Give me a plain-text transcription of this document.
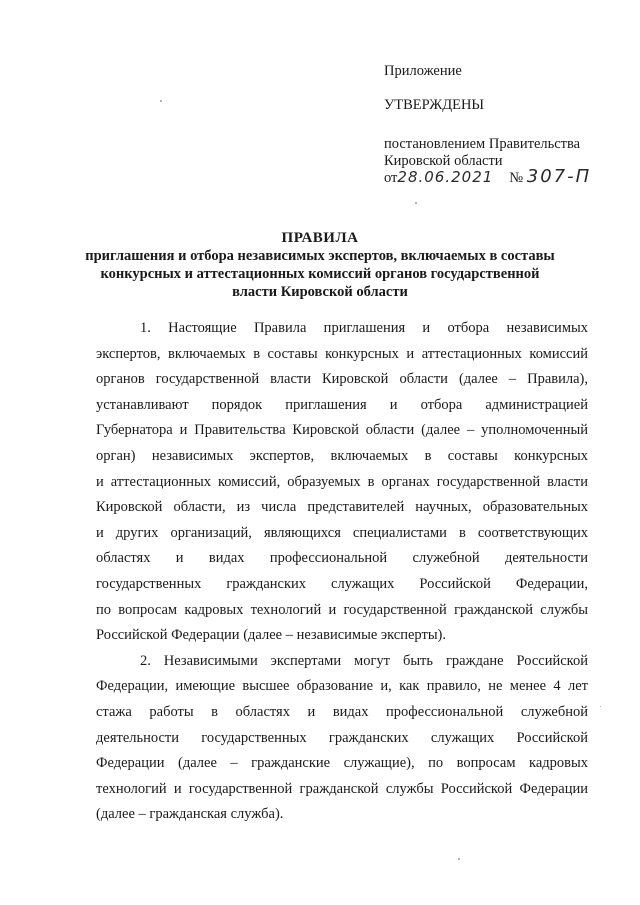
Приложение
УТВЕРЖДЕНЫ
постановлением Правительства
Кировской области
от28.06.2021 № 307-П
ПРАВИЛА
приглашения и отбора независимых экспертов, включаемых в составы
конкурсных и аттестационных комиссий органов государственной
власти Кировской области
1. Настоящие Правила приглашения и отбора независимых
экспертов, включаемых в составы конкурсных и аттестационных комиссий
органов государственной власти Кировской области (далее – Правила),
устанавливают порядок приглашения и отбора администрацией
Губернатора и Правительства Кировской области (далее – уполномоченный
орган) независимых экспертов, включаемых в составы конкурсных
и аттестационных комиссий, образуемых в органах государственной власти
Кировской области, из числа представителей научных, образовательных
и других организаций, являющихся специалистами в соответствующих
областях и видах профессиональной служебной деятельности
государственных гражданских служащих Российской Федерации,
по вопросам кадровых технологий и государственной гражданской службы
Российской Федерации (далее – независимые эксперты).
2. Независимыми экспертами могут быть граждане Российской
Федерации, имеющие высшее образование и, как правило, не менее 4 лет
стажа работы в областях и видах профессиональной служебной
деятельности государственных гражданских служащих Российской
Федерации (далее – гражданские служащие), по вопросам кадровых
технологий и государственной гражданской службы Российской Федерации
(далее – гражданская служба).
